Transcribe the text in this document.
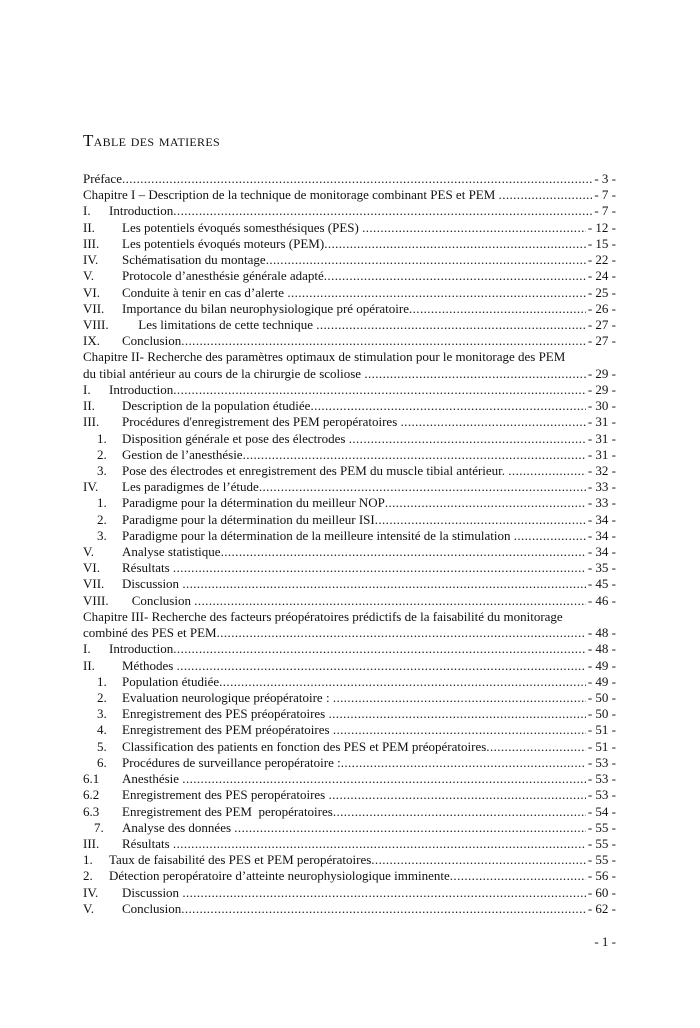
Table des matieres
Préface .....	- 3 -
Chapitre I – Description de la technique de monitorage combinant PES et PEM .....	- 7 -
I. Introduction .....	- 7 -
II. Les potentiels évoqués somesthésiques (PES) .....	- 12 -
III. Les potentiels évoqués moteurs (PEM) .....	- 15 -
IV. Schématisation du montage .....	- 22 -
V. Protocole d’anesthésie générale adapté .....	- 24 -
VI. Conduite à tenir en cas d’alerte .....	- 25 -
VII. Importance du bilan neurophysiologique pré opératoire .....	- 26 -
VIII. Les limitations de cette technique .....	- 27 -
IX. Conclusion .....	- 27 -
Chapitre II- Recherche des paramètres optimaux de stimulation pour le monitorage des PEM
du tibial antérieur au cours de la chirurgie de scoliose .....	- 29 -
I. Introduction .....	- 29 -
II. Description de la population étudiée .....	- 30 -
III. Procédures d'enregistrement des PEM peropératoires .....	- 31 -
1. Disposition générale et pose des électrodes .....	- 31 -
2. Gestion de l’anesthésie .....	- 31 -
3. Pose des électrodes et enregistrement des PEM du muscle tibial antérieur. .....	- 32 -
IV. Les paradigmes de l’étude .....	- 33 -
1. Paradigme pour la détermination du meilleur NOP .....	- 33 -
2. Paradigme pour la détermination du meilleur ISI .....	- 34 -
3. Paradigme pour la détermination de la meilleure intensité de la stimulation .....	- 34 -
V. Analyse statistique .....	- 34 -
VI. Résultats .....	- 35 -
VII. Discussion .....	- 45 -
VIII. Conclusion .....	- 46 -
Chapitre III- Recherche des facteurs préopératoires prédictifs de la faisabilité du monitorage
combiné des PES et PEM .....	- 48 -
I. Introduction .....	- 48 -
II. Méthodes .....	- 49 -
1. Population étudiée .....	- 49 -
2. Evaluation neurologique préopératoire : .....	- 50 -
3. Enregistrement des PES préopératoires .....	- 50 -
4. Enregistrement des PEM préopératoires .....	- 51 -
5. Classification des patients en fonction des PES et PEM préopératoires .....	- 51 -
6. Procédures de surveillance peropératoire : .....	- 53 -
6.1 Anesthésie .....	- 53 -
6.2 Enregistrement des PES peropératoires .....	- 53 -
6.3 Enregistrement des PEM  peropératoires .....	- 54 -
7. Analyse des données .....	- 55 -
III. Résultats .....	- 55 -
1. Taux de faisabilité des PES et PEM peropératoires .....	- 55 -
2. Détection peropératoire d’atteinte neurophysiologique imminente .....	- 56 -
IV. Discussion .....	- 60 -
V. Conclusion .....	- 62 -
- 1 -
